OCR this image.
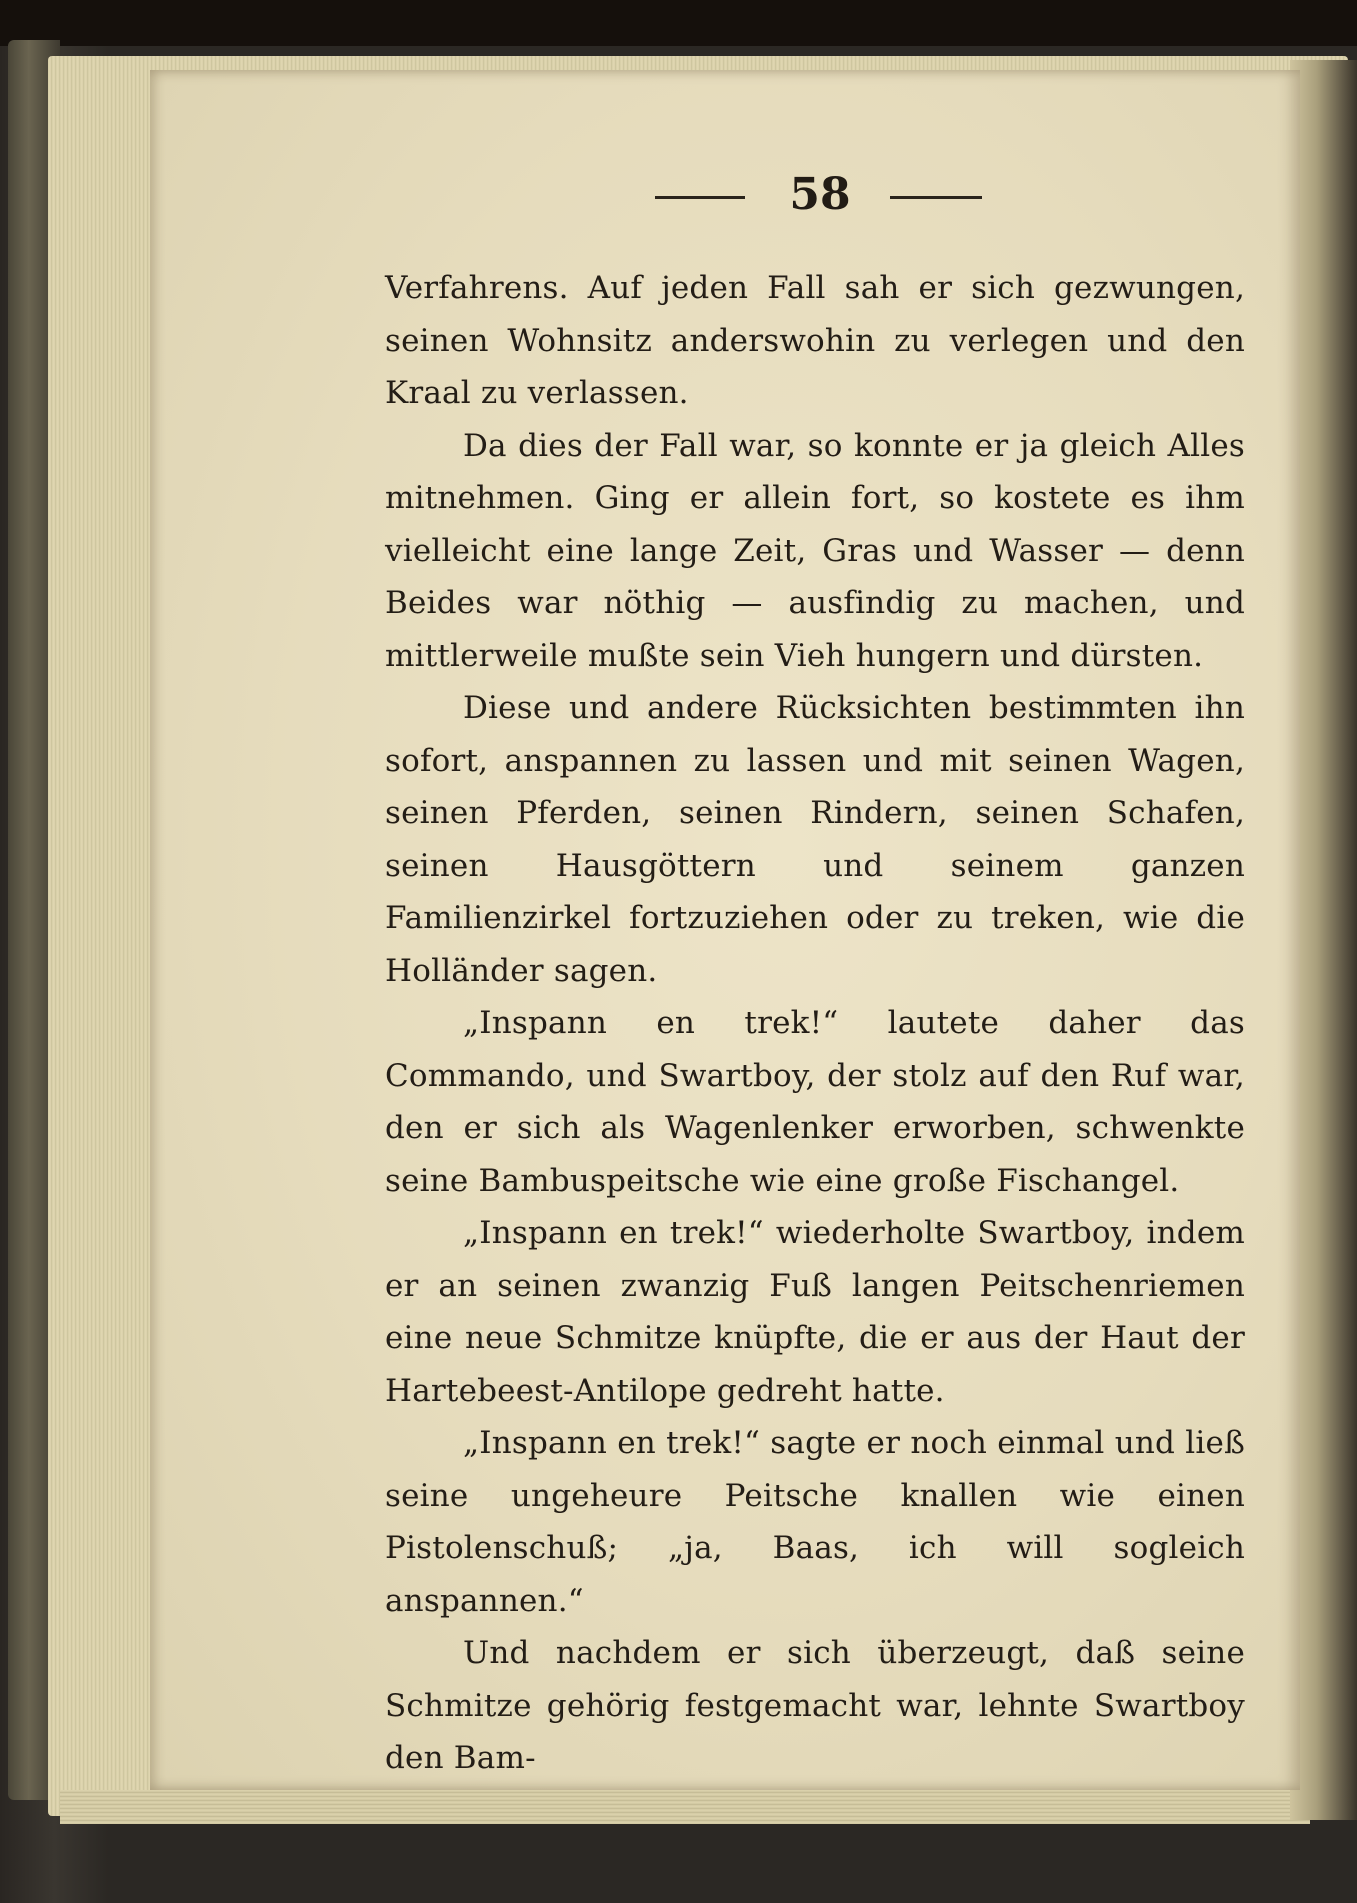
58

Verfahrens. Auf jeden Fall sah er sich gezwungen, seinen Wohnsitz anderswohin zu verlegen und den Kraal zu verlassen.

Da dies der Fall war, so konnte er ja gleich Alles mitnehmen. Ging er allein fort, so kostete es ihm vielleicht eine lange Zeit, Gras und Wasser — denn Beides war nöthig — ausfindig zu machen, und mittlerweile mußte sein Vieh hungern und dürsten.

Diese und andere Rücksichten bestimmten ihn sofort, anspannen zu lassen und mit seinen Wagen, seinen Pferden, seinen Rindern, seinen Schafen, seinen Hausgöttern und seinem ganzen Familienzirkel fortzuziehen oder zu treken, wie die Holländer sagen.

„Inspann en trek!“ lautete daher das Commando, und Swartboy, der stolz auf den Ruf war, den er sich als Wagenlenker erworben, schwenkte seine Bambuspeitsche wie eine große Fischangel.

„Inspann en trek!“ wiederholte Swartboy, indem er an seinen zwanzig Fuß langen Peitschenriemen eine neue Schmitze knüpfte, die er aus der Haut der Hartebeest-Antilope gedreht hatte.

„Inspann en trek!“ sagte er noch einmal und ließ seine ungeheure Peitsche knallen wie einen Pistolenschuß; „ja, Baas, ich will sogleich anspannen.“

Und nachdem er sich überzeugt, daß seine Schmitze gehörig festgemacht war, lehnte Swartboy den Bam-
